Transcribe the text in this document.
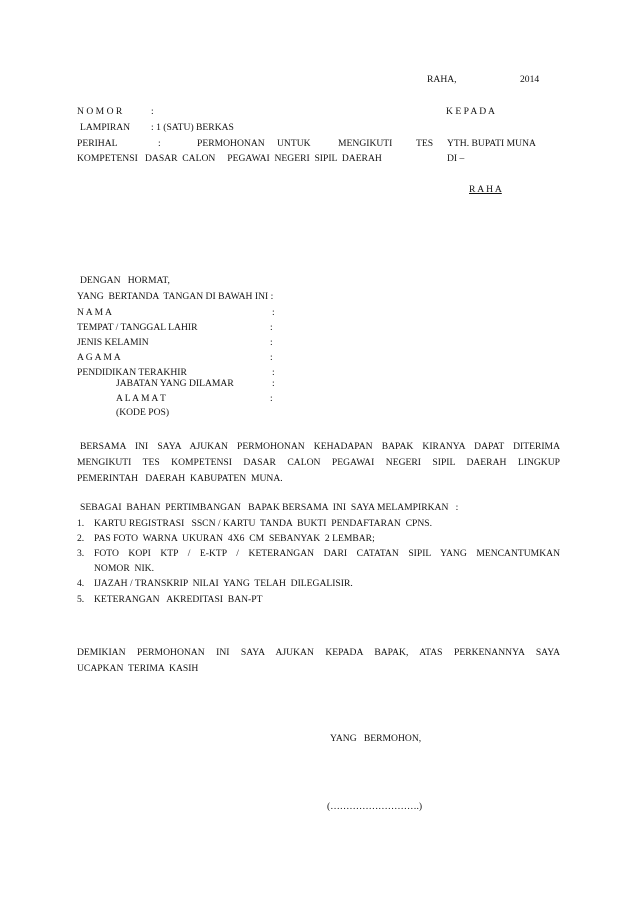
RAHA,	2014
N O M O R	:	K E P A D A
LAMPIRAN : 1 (SATU) BERKAS
PERIHAL	:	PERMOHONAN UNTUK	MENGIKUTI TES YTH. BUPATI MUNA
KOMPETENSI   DASAR  CALON     PEGAWAI  NEGERI  SIPIL  DAERAH	DI –
R A H A
DENGAN   HORMAT,
YANG  BERTANDA  TANGAN DI BAWAH INI :
N A M A	:
TEMPAT / TANGGAL LAHIR	:
JENIS KELAMIN	:
A G A M A	:
PENDIDIKAN TERAKHIR	:
JABATAN YANG DILAMAR	:
A L A M A T	:
(KODE POS)
BERSAMA INI SAYA AJUKAN PERMOHONAN KEHADAPAN BAPAK KIRANYA DAPAT DITERIMA
MENGIKUTI TES KOMPETENSI DASAR CALON PEGAWAI NEGERI SIPIL DAERAH LINGKUP
PEMERINTAH   DAERAH  KABUPATEN  MUNA.
SEBAGAI  BAHAN  PERTIMBANGAN   BAPAK BERSAMA  INI  SAYA MELAMPIRKAN   :
1. KARTU REGISTRASI   SSCN / KARTU  TANDA  BUKTI  PENDAFTARAN  CPNS.
2. PAS FOTO  WARNA  UKURAN  4X6  CM  SEBANYAK  2 LEMBAR;
3. FOTO KOPI KTP / E-KTP / KETERANGAN DARI CATATAN SIPIL YANG MENCANTUMKAN
NOMOR  NIK.
4. IJAZAH / TRANSKRIP  NILAI  YANG  TELAH  DILEGALISIR.
5. KETERANGAN   AKREDITASI  BAN-PT
DEMIKIAN PERMOHONAN INI SAYA AJUKAN KEPADA BAPAK, ATAS PERKENANNYA SAYA
UCAPKAN  TERIMA  KASIH
YANG   BERMOHON,
(……………………….)
